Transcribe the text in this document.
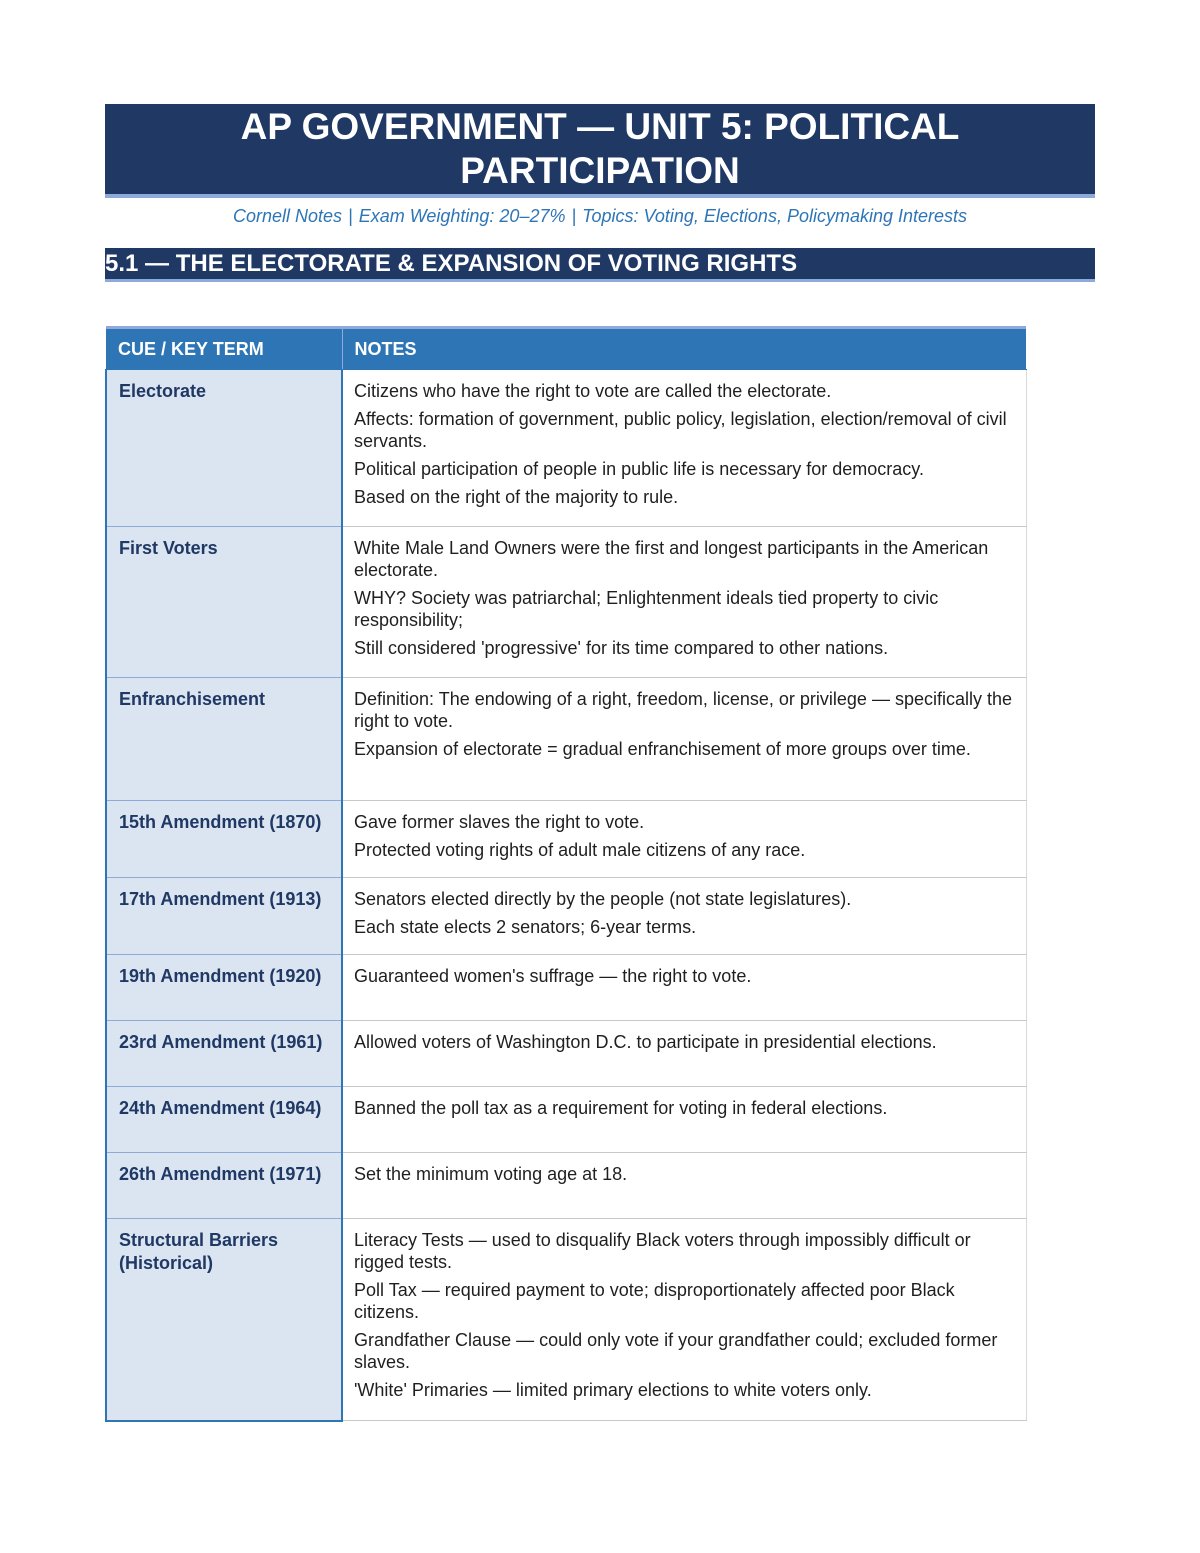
AP GOVERNMENT — UNIT 5: POLITICAL PARTICIPATION
Cornell Notes | Exam Weighting: 20–27% | Topics: Voting, Elections, Policymaking Interests
5.1 — THE ELECTORATE & EXPANSION OF VOTING RIGHTS
CUE / KEY TERM	NOTES
Electorate	Citizens who have the right to vote are called the electorate.
Affects: formation of government, public policy, legislation, election/removal of civil servants.
Political participation of people in public life is necessary for democracy.
Based on the right of the majority to rule.

First Voters	White Male Land Owners were the first and longest participants in the American electorate.
WHY? Society was patriarchal; Enlightenment ideals tied property to civic responsibility;
Still considered 'progressive' for its time compared to other nations.

Enfranchisement	Definition: The endowing of a right, freedom, license, or privilege — specifically the right to vote.
Expansion of electorate = gradual enfranchisement of more groups over time.

15th Amendment (1870)	Gave former slaves the right to vote.
Protected voting rights of adult male citizens of any race.

17th Amendment (1913)	Senators elected directly by the people (not state legislatures).
Each state elects 2 senators; 6-year terms.

19th Amendment (1920)	Guaranteed women's suffrage — the right to vote.

23rd Amendment (1961)	Allowed voters of Washington D.C. to participate in presidential elections.

24th Amendment (1964)	Banned the poll tax as a requirement for voting in federal elections.

26th Amendment (1971)	Set the minimum voting age at 18.

Structural Barriers (Historical)	Literacy Tests — used to disqualify Black voters through impossibly difficult or rigged tests.
Poll Tax — required payment to vote; disproportionately affected poor Black citizens.
Grandfather Clause — could only vote if your grandfather could; excluded former slaves.
'White' Primaries — limited primary elections to white voters only.
